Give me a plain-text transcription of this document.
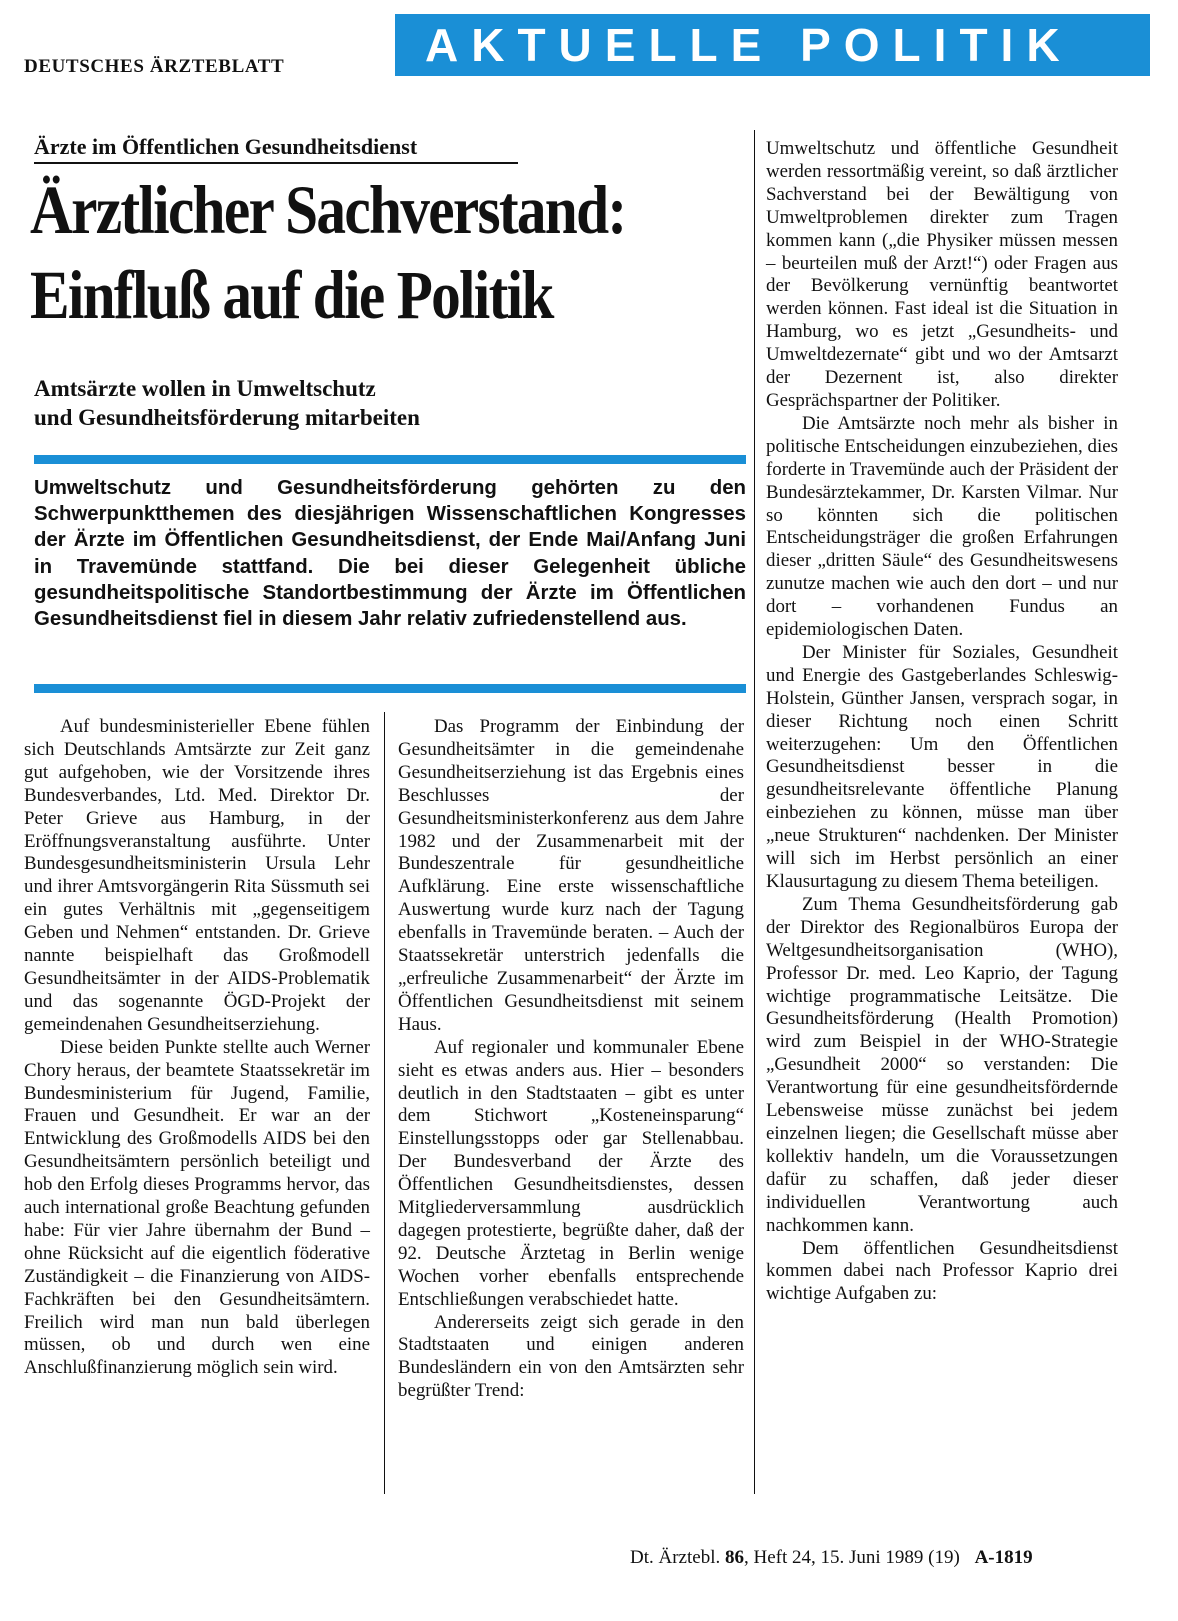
DEUTSCHES ÄRZTEBLATT	AKTUELLE POLITIK
Ärzte im Öffentlichen Gesundheitsdienst
Ärztlicher Sachverstand:
Einfluß auf die Politik
Amtsärzte wollen in Umweltschutz
und Gesundheitsförderung mitarbeiten
Umweltschutz und Gesundheitsförderung gehörten zu den Schwerpunktthemen des diesjährigen Wissenschaftlichen Kongresses der Ärzte im Öffentlichen Gesundheitsdienst, der Ende Mai/Anfang Juni in Travemünde stattfand. Die bei dieser Gelegenheit übliche gesundheitspolitische Standortbestimmung der Ärzte im Öffentlichen Gesundheitsdienst fiel in diesem Jahr relativ zufriedenstellend aus.

Auf bundesministerieller Ebene fühlen sich Deutschlands Amtsärzte zur Zeit ganz gut aufgehoben, wie der Vorsitzende ihres Bundesverbandes, Ltd. Med. Direktor Dr. Peter Grieve aus Hamburg, in der Eröffnungsveranstaltung ausführte. Unter Bundesgesundheitsministerin Ursula Lehr und ihrer Amtsvorgängerin Rita Süssmuth sei ein gutes Verhältnis mit „gegenseitigem Geben und Nehmen“ entstanden. Dr. Grieve nannte beispielhaft das Großmodell Gesundheitsämter in der AIDS-Problematik und das sogenannte ÖGD-Projekt der gemeindenahen Gesundheitserziehung.

Diese beiden Punkte stellte auch Werner Chory heraus, der beamtete Staatssekretär im Bundesministerium für Jugend, Familie, Frauen und Gesundheit. Er war an der Entwicklung des Großmodells AIDS bei den Gesundheitsämtern persönlich beteiligt und hob den Erfolg dieses Programms hervor, das auch international große Beachtung gefunden habe: Für vier Jahre übernahm der Bund – ohne Rücksicht auf die eigentlich föderative Zuständigkeit – die Finanzierung von AIDS-Fachkräften bei den Gesundheitsämtern. Freilich wird man nun bald überlegen müssen, ob und durch wen eine Anschlußfinanzierung möglich sein wird.

Das Programm der Einbindung der Gesundheitsämter in die gemeindenahe Gesundheitserziehung ist das Ergebnis eines Beschlusses der Gesundheitsministerkonferenz aus dem Jahre 1982 und der Zusammenarbeit mit der Bundeszentrale für gesundheitliche Aufklärung. Eine erste wissenschaftliche Auswertung wurde kurz nach der Tagung ebenfalls in Travemünde beraten. – Auch der Staatssekretär unterstrich jedenfalls die „erfreuliche Zusammenarbeit“ der Ärzte im Öffentlichen Gesundheitsdienst mit seinem Haus.

Auf regionaler und kommunaler Ebene sieht es etwas anders aus. Hier – besonders deutlich in den Stadtstaaten – gibt es unter dem Stichwort „Kosteneinsparung“ Einstellungsstopps oder gar Stellenabbau. Der Bundesverband der Ärzte des Öffentlichen Gesundheitsdienstes, dessen Mitgliederversammlung ausdrücklich dagegen protestierte, begrüßte daher, daß der 92. Deutsche Ärztetag in Berlin wenige Wochen vorher ebenfalls entsprechende Entschließungen verabschiedet hatte.

Andererseits zeigt sich gerade in den Stadtstaaten und einigen anderen Bundesländern ein von den Amtsärzten sehr begrüßter Trend:

Umweltschutz und öffentliche Gesundheit werden ressortmäßig vereint, so daß ärztlicher Sachverstand bei der Bewältigung von Umweltproblemen direkter zum Tragen kommen kann („die Physiker müssen messen – beurteilen muß der Arzt!“) oder Fragen aus der Bevölkerung vernünftig beantwortet werden können. Fast ideal ist die Situation in Hamburg, wo es jetzt „Gesundheits- und Umweltdezernate“ gibt und wo der Amtsarzt der Dezernent ist, also direkter Gesprächspartner der Politiker.

Die Amtsärzte noch mehr als bisher in politische Entscheidungen einzubeziehen, dies forderte in Travemünde auch der Präsident der Bundesärztekammer, Dr. Karsten Vilmar. Nur so könnten sich die politischen Entscheidungsträger die großen Erfahrungen dieser „dritten Säule“ des Gesundheitswesens zunutze machen wie auch den dort – und nur dort – vorhandenen Fundus an epidemiologischen Daten.

Der Minister für Soziales, Gesundheit und Energie des Gastgeberlandes Schleswig-Holstein, Günther Jansen, versprach sogar, in dieser Richtung noch einen Schritt weiterzugehen: Um den Öffentlichen Gesundheitsdienst besser in die gesundheitsrelevante öffentliche Planung einbeziehen zu können, müsse man über „neue Strukturen“ nachdenken. Der Minister will sich im Herbst persönlich an einer Klausurtagung zu diesem Thema beteiligen.

Zum Thema Gesundheitsförderung gab der Direktor des Regionalbüros Europa der Weltgesundheitsorganisation (WHO), Professor Dr. med. Leo Kaprio, der Tagung wichtige programmatische Leitsätze. Die Gesundheitsförderung (Health Promotion) wird zum Beispiel in der WHO-Strategie „Gesundheit 2000“ so verstanden: Die Verantwortung für eine gesundheitsfördernde Lebensweise müsse zunächst bei jedem einzelnen liegen; die Gesellschaft müsse aber kollektiv handeln, um die Voraussetzungen dafür zu schaffen, daß jeder dieser individuellen Verantwortung auch nachkommen kann.

Dem öffentlichen Gesundheitsdienst kommen dabei nach Professor Kaprio drei wichtige Aufgaben zu:

Dt. Ärztebl. 86, Heft 24, 15. Juni 1989 (19) A-1819
